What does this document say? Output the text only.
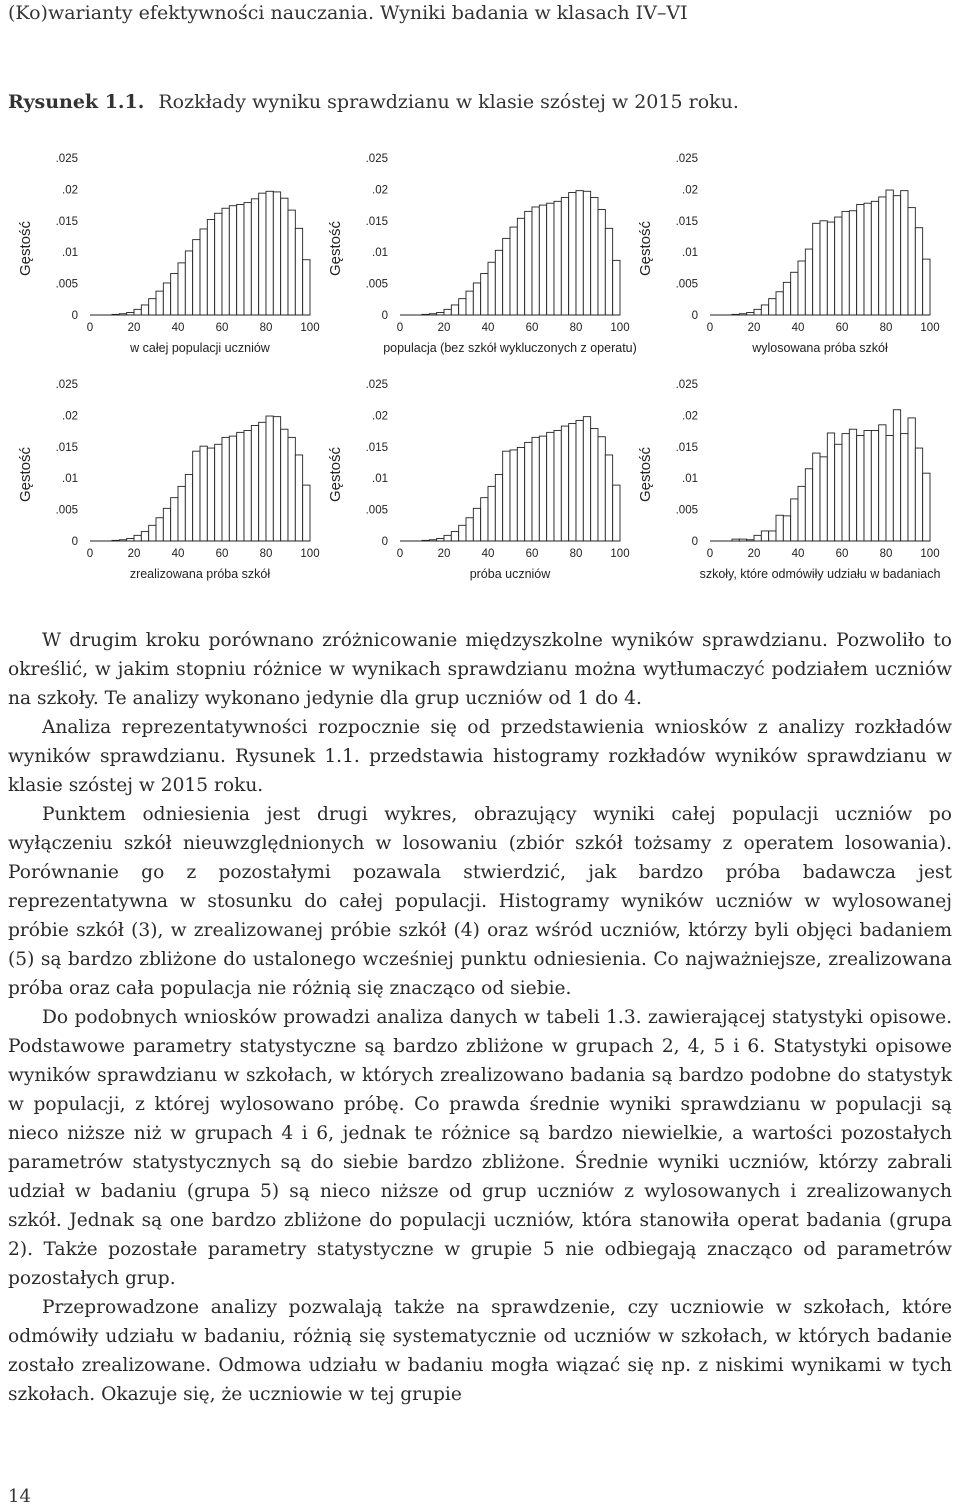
(Ko)warianty efektywności nauczania. Wyniki badania w klasach IV–VI
Rysunek 1.1. Rozkłady wyniku sprawdzianu w klasie szóstej w 2015 roku.
Gęstość
0
.005
.01
.015
.02
.025
0	20	40	60	80 100
w całej populacji uczniów
Gęstość
0
.005
.01
.015
.02
.025
0	20	40	60	80 100
populacja (bez szkół wykluczonych z operatu)
Gęstość
0
.005
.01
.015
.02
.025
0	20	40	60	80 100
wylosowana próba szkół
Gęstość
0
.005
.01
.015
.02
.025
0	20	40	60	80 100
zrealizowana próba szkół
Gęstość
0
.005
.01
.015
.02
.025
0	20	40	60	80 100
próba uczniów
Gęstość
0
.005
.01
.015
.02
.025
0	20	40	60	80 100
szkoły, które odmówiły udziału w badaniach

W drugim kroku porównano zróżnicowanie międzyszkolne wyników sprawdzianu. Pozwoliło to określić, w jakim stopniu różnice w wynikach sprawdzianu można wytłumaczyć podziałem uczniów na szkoły. Te analizy wykonano jedynie dla grup uczniów od 1 do 4.

Analiza reprezentatywności rozpocznie się od przedstawienia wniosków z analizy rozkładów wyników sprawdzianu. Rysunek 1.1. przedstawia histogramy rozkładów wyników sprawdzianu w klasie szóstej w 2015 roku.

Punktem odniesienia jest drugi wykres, obrazujący wyniki całej populacji uczniów po wyłączeniu szkół nieuwzględnionych w losowaniu (zbiór szkół tożsamy z operatem losowania). Porównanie go z pozostałymi pozawala stwierdzić, jak bardzo próba badawcza jest reprezentatywna w stosunku do całej populacji. Histogramy wyników uczniów w wylosowanej próbie szkół (3), w zrealizowanej próbie szkół (4) oraz wśród uczniów, którzy byli objęci badaniem (5) są bardzo zbliżone do ustalonego wcześniej punktu odniesienia. Co najważniejsze, zrealizowana próba oraz cała populacja nie różnią się znacząco od siebie.

Do podobnych wniosków prowadzi analiza danych w tabeli 1.3. zawierającej statystyki opisowe. Podstawowe parametry statystyczne są bardzo zbliżone w grupach 2, 4, 5 i 6. Statystyki opisowe wyników sprawdzianu w szkołach, w których zrealizowano badania są bardzo podobne do statystyk w populacji, z której wylosowano próbę. Co prawda średnie wyniki sprawdzianu w populacji są nieco niższe niż w grupach 4 i 6, jednak te różnice są bardzo niewielkie, a wartości pozostałych parametrów statystycznych są do siebie bardzo zbliżone. Średnie wyniki uczniów, którzy zabrali udział w badaniu (grupa 5) są nieco niższe od grup uczniów z wylosowanych i zrealizowanych szkół. Jednak są one bardzo zbliżone do populacji uczniów, która stanowiła operat badania (grupa 2). Także pozostałe parametry statystyczne w grupie 5 nie odbiegają znacząco od parametrów pozostałych grup.

Przeprowadzone analizy pozwalają także na sprawdzenie, czy uczniowie w szkołach, które odmówiły udziału w badaniu, różnią się systematycznie od uczniów w szkołach, w których badanie zostało zrealizowane. Odmowa udziału w badaniu mogła wiązać się np. z niskimi wynikami w tych szkołach. Okazuje się, że uczniowie w tej grupie

14
